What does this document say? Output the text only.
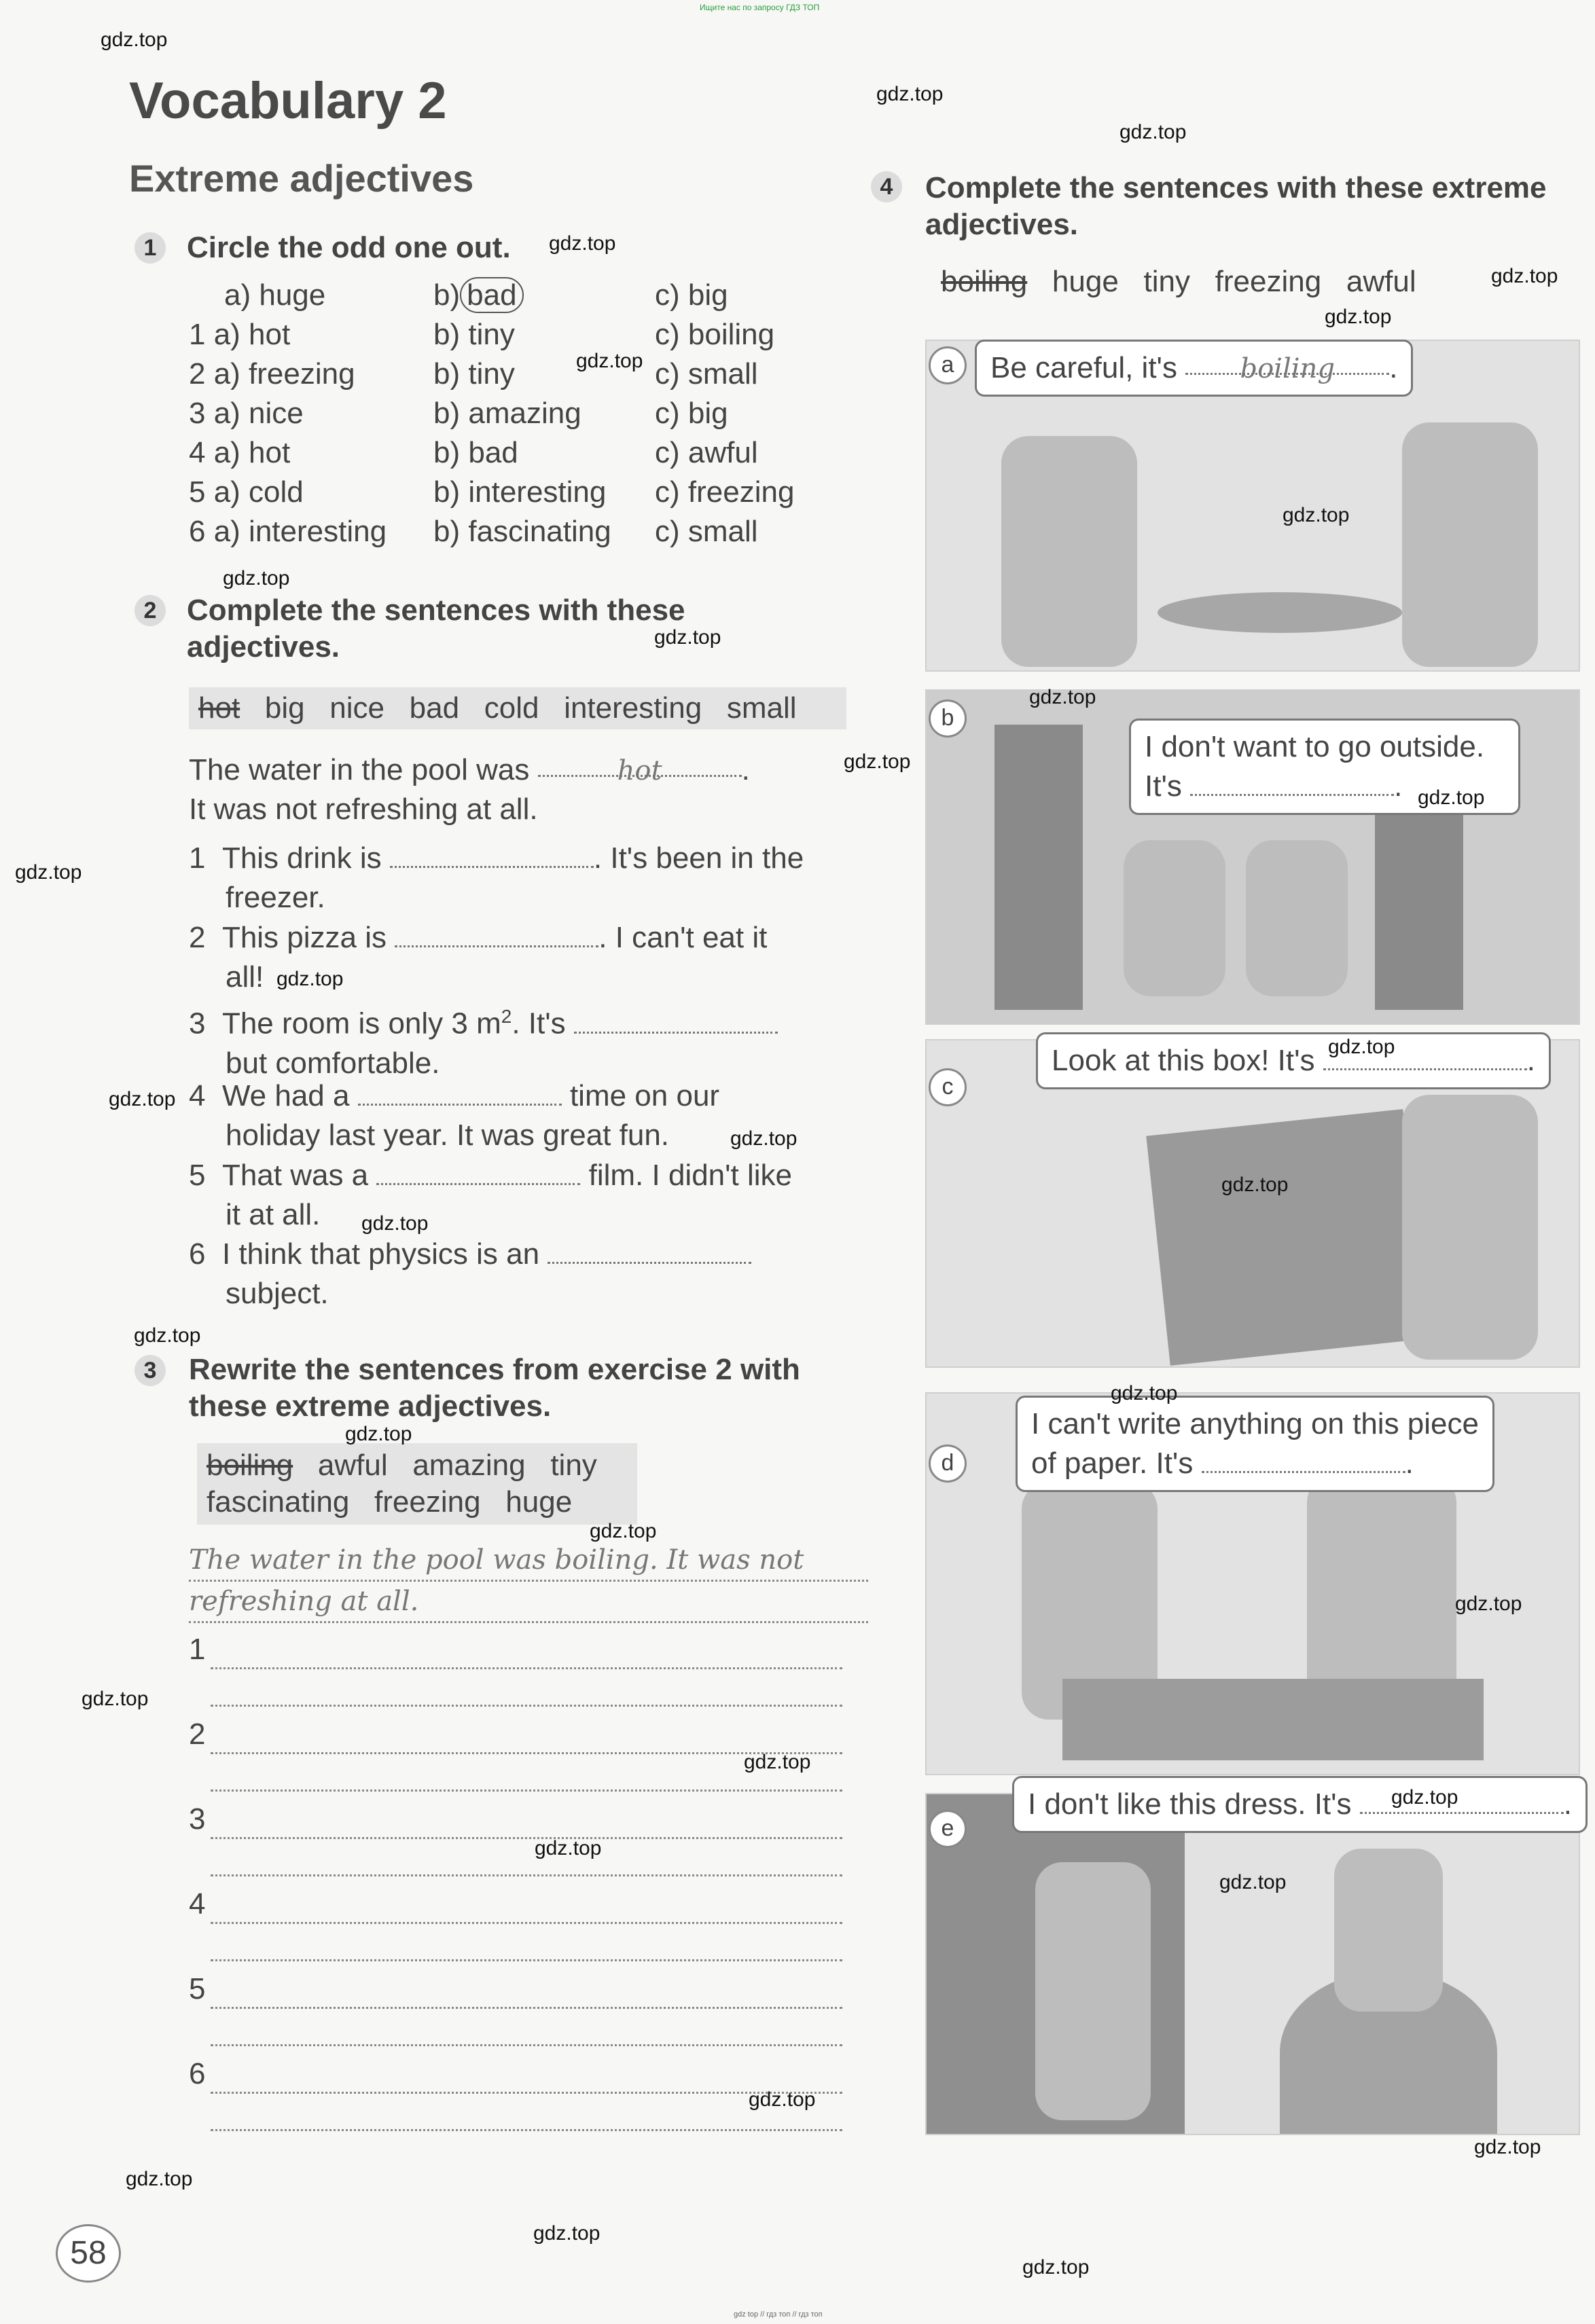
Ищите нас по запросу ГДЗ ТОП
gdz top // гдз топ // гдз топ
Vocabulary 2
Extreme adjectives
1	Circle the odd one out.
a) huge	b) bad	c) big
1 a) hot	b) tiny	c) boiling
2 a) freezing	b) tiny	c) small
3 a) nice	b) amazing c) big
4 a) hot	b) bad	c) awful
5 a) cold	b) interesting c) freezing
6 a) interesting b) fascinating c) small
2	Complete the sentences with these
adjectives.
hot big nice bad cold interesting small
The water in the pool was	hot	.
It was not refreshing at all.
1 This drink is	. It's been in the
freezer.
2 This pizza is	. I can't eat it
all!
3 The room is only 3 $m^2$. It's
but comfortable.
4 We had a	time on our
holiday last year. It was great fun.
5 That was a	film. I didn't like
it at all.
6 I think that physics is an
subject.
3	Rewrite the sentences from exercise 2 with
these extreme adjectives.
boiling awful amazing tiny
fascinating freezing huge
The water in the pool was boiling. It was not
refreshing at all.
1
2
3
4
5
6
58
4	Complete the sentences with these extreme
adjectives.
boiling huge tiny freezing awful
a	Be careful, it's boiling .
b
I don't want to go outside.
It's	.
c
Look at this box! It's	.
d
I can't write anything on this piece
of paper. It's	.
e
I don't like this dress. It's	.
gdz.top
gdz.top
gdz.top
gdz.top
gdz.top
gdz.top
gdz.top
gdz.top
gdz.top
gdz.top
gdz.top
gdz.top
gdz.top
gdz.top
gdz.top
gdz.top
gdz.top
gdz.top
gdz.top
gdz.top
gdz.top
gdz.top
gdz.top
gdz.top
gdz.top
gdz.top
gdz.top
gdz.top
gdz.top
gdz.top
gdz.top
gdz.top
gdz.top
gdz.top
gdz.top
